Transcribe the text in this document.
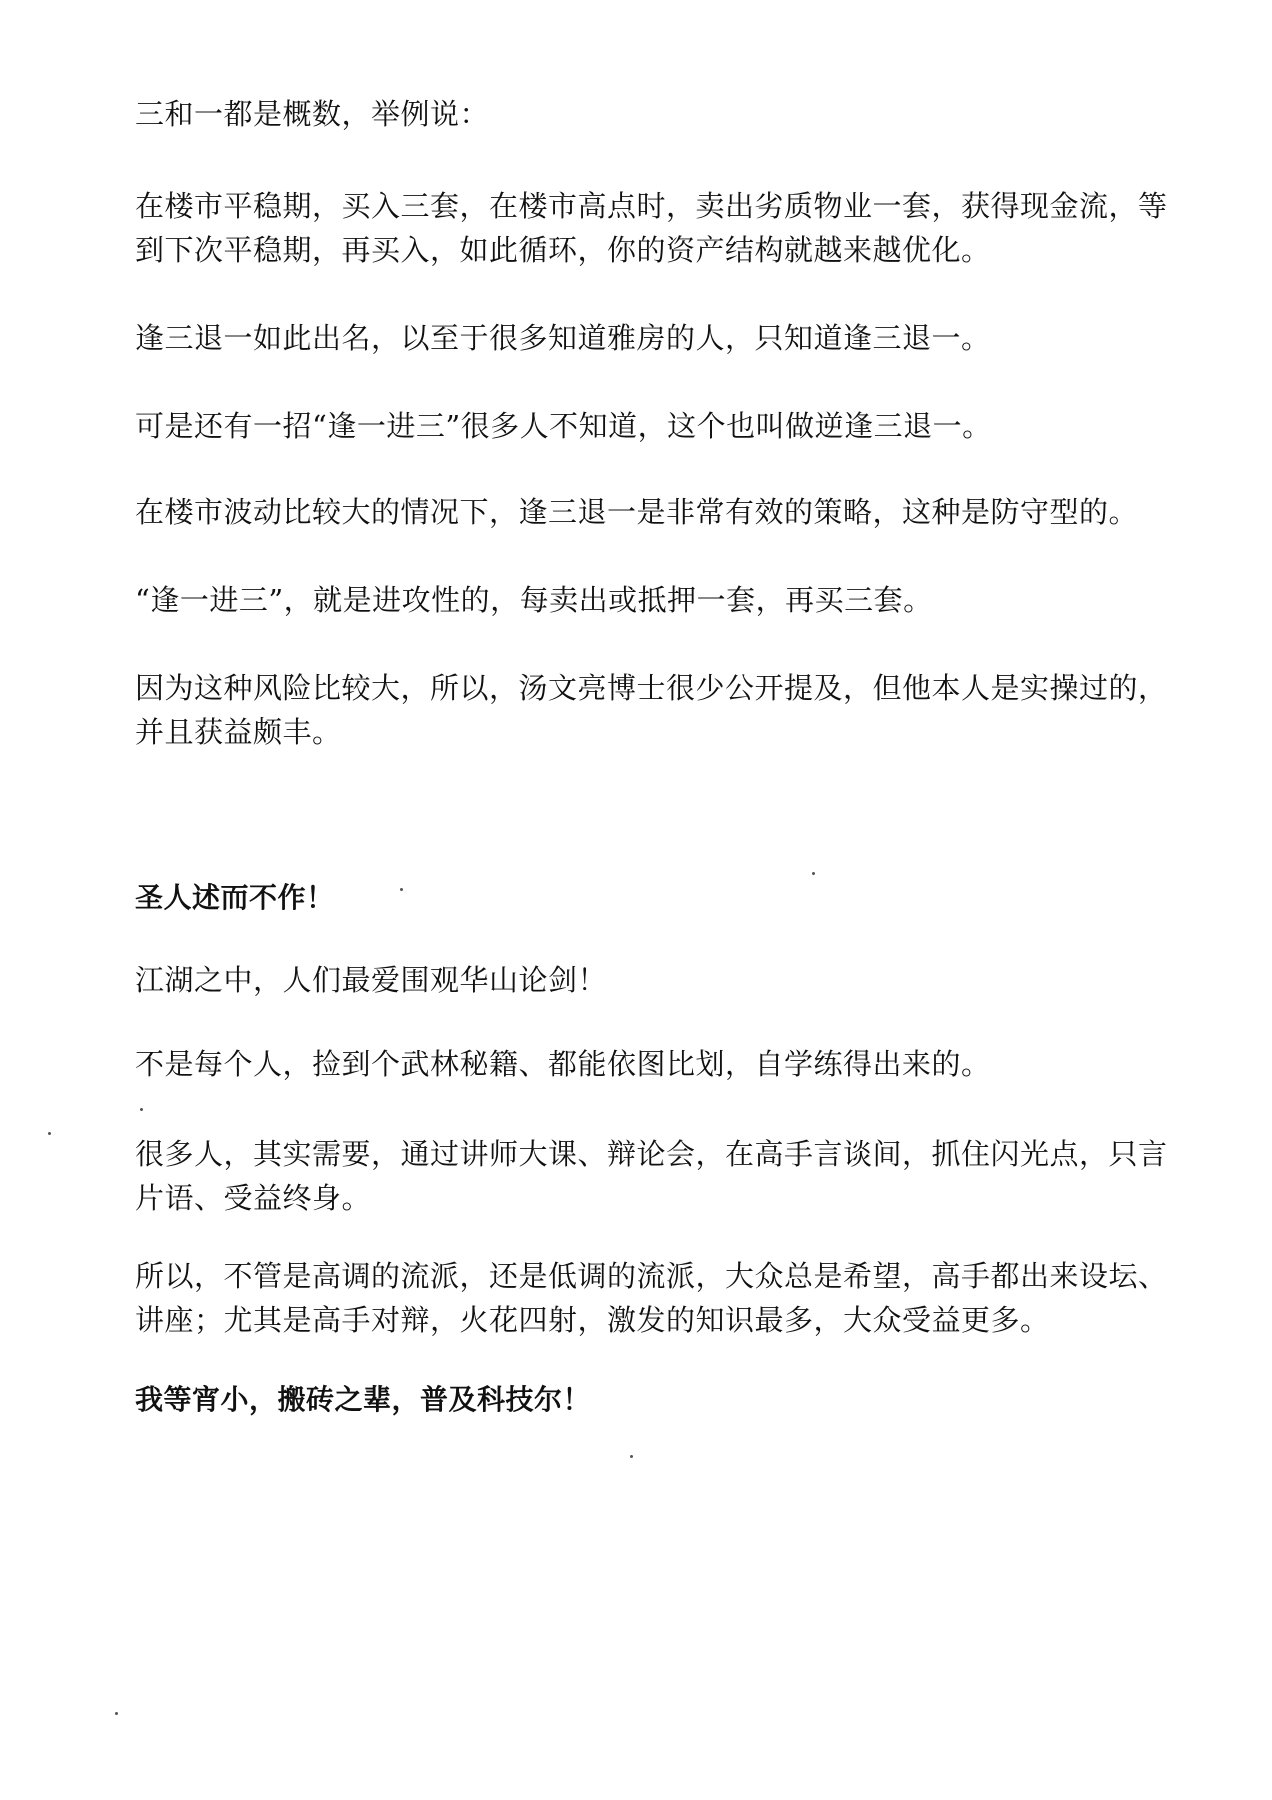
三和一都是概数，举例说：

在楼市平稳期，买入三套，在楼市高点时，卖出劣质物业一套，获得现金流，等到下次平稳期，再买入，如此循环，你的资产结构就越来越优化。

逢三退一如此出名，以至于很多知道雅房的人，只知道逢三退一。

可是还有一招“逢一进三”很多人不知道，这个也叫做逆逢三退一。

在楼市波动比较大的情况下，逢三退一是非常有效的策略，这种是防守型的。

“逢一进三”，就是进攻性的，每卖出或抵押一套，再买三套。

因为这种风险比较大，所以，汤文亮博士很少公开提及，但他本人是实操过的，并且获益颇丰。

圣人述而不作！

江湖之中，人们最爱围观华山论剑！

不是每个人，捡到个武林秘籍、都能依图比划，自学练得出来的。

很多人，其实需要，通过讲师大课、辩论会，在高手言谈间，抓住闪光点，只言片语、受益终身。

所以，不管是高调的流派，还是低调的流派，大众总是希望，高手都出来设坛、讲座；尤其是高手对辩，火花四射，激发的知识最多，大众受益更多。

我等宵小，搬砖之辈，普及科技尔！
